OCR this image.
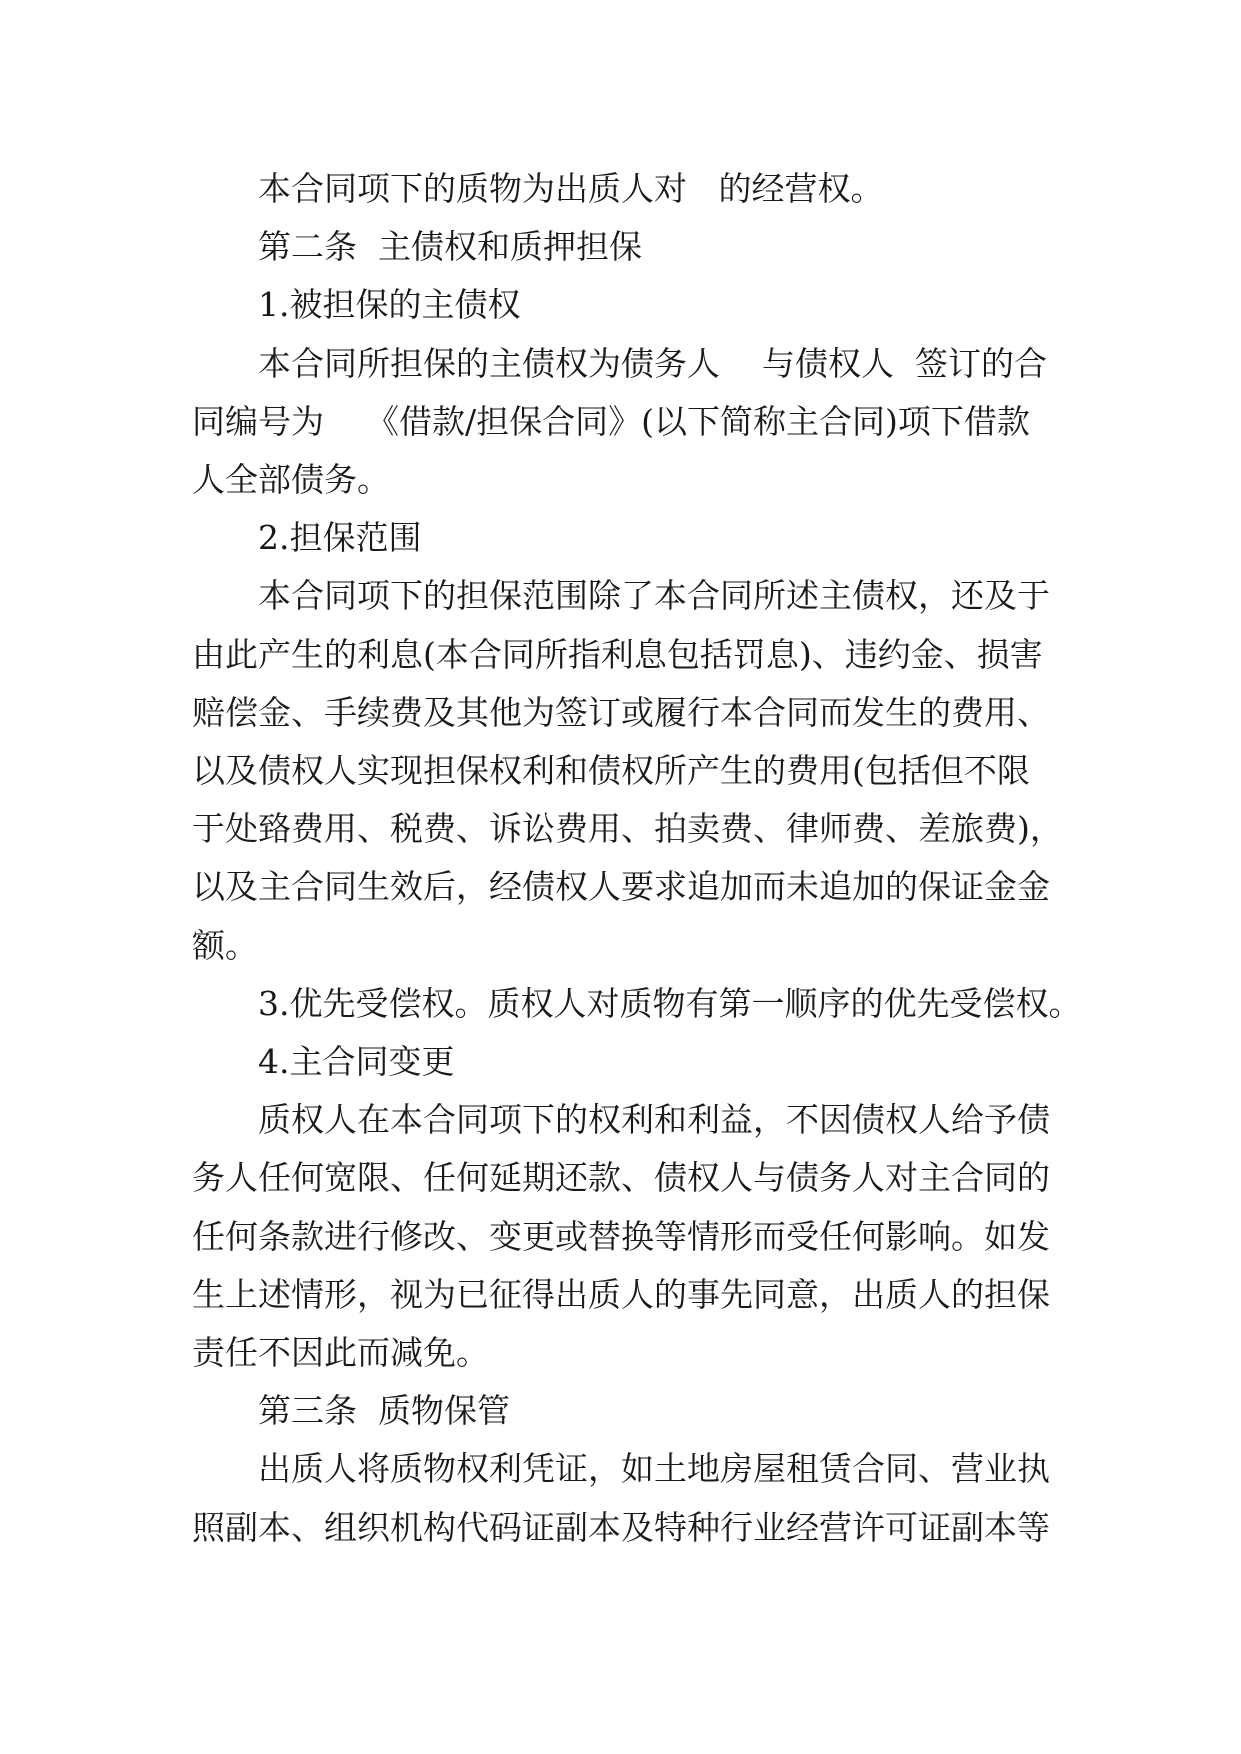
本合同项下的质物为出质人对   的经营权。
第二条  主债权和质押担保
1.被担保的主债权
本合同所担保的主债权为债务人    与债权人  签订的合
同编号为    《借款/担保合同》(以下简称主合同)项下借款
人全部债务。
2.担保范围
本合同项下的担保范围除了本合同所述主债权，还及于
由此产生的利息(本合同所指利息包括罚息)、违约金、损害
赔偿金、手续费及其他为签订或履行本合同而发生的费用、
以及债权人实现担保权利和债权所产生的费用(包括但不限
于处臵费用、税费、诉讼费用、拍卖费、律师费、差旅费)，
以及主合同生效后，经债权人要求追加而未追加的保证金金
额。
3.优先受偿权。质权人对质物有第一顺序的优先受偿权。
4.主合同变更
质权人在本合同项下的权利和利益，不因债权人给予债
务人任何宽限、任何延期还款、债权人与债务人对主合同的
任何条款进行修改、变更或替换等情形而受任何影响。如发
生上述情形，视为已征得出质人的事先同意，出质人的担保
责任不因此而减免。
第三条  质物保管
出质人将质物权利凭证，如土地房屋租赁合同、营业执
照副本、组织机构代码证副本及特种行业经营许可证副本等
